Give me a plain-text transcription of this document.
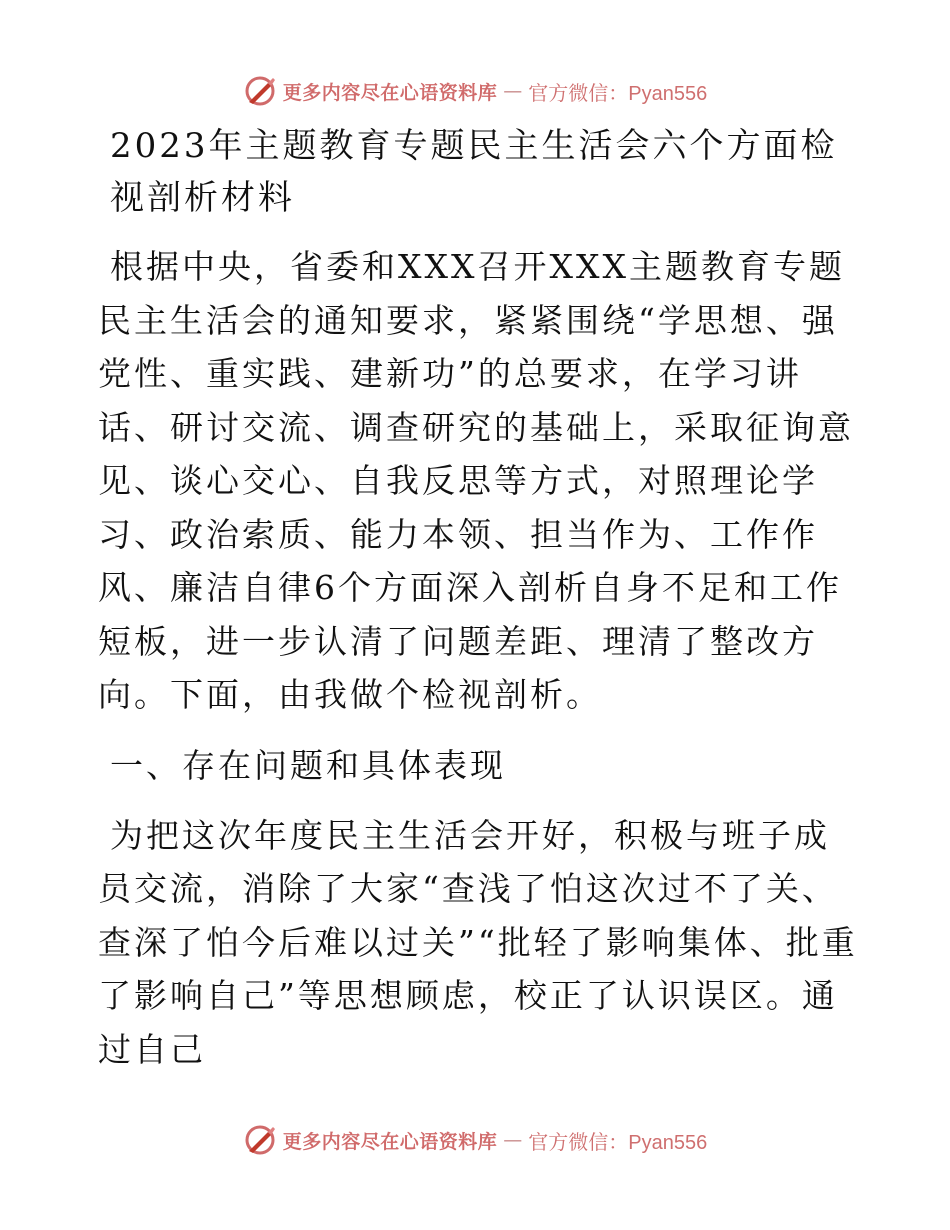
更多内容尽在心语资料库 — 官方微信：Pyan556
2023年主题教育专题民主生活会六个方面检视剖析材料

根据中央，省委和XXX召开XXX主题教育专题民主生活会的通知要求，紧紧围绕“学思想、强党性、重实践、建新功”的总要求，在学习讲话、研讨交流、调查研究的基础上，采取征询意见、谈心交心、自我反思等方式，对照理论学习、政治索质、能力本领、担当作为、工作作风、廉洁自律6个方面深入剖析自身不足和工作短板，进一步认清了问题差距、理清了整改方向。下面，由我做个检视剖析。

一、存在问题和具体表现

为把这次年度民主生活会开好，积极与班子成员交流，消除了大家“查浅了怕这次过不了关、查深了怕今后难以过关”“批轻了影响集体、批重了影响自己”等思想顾虑，校正了认识误区。通过自己

更多内容尽在心语资料库 — 官方微信：Pyan556
